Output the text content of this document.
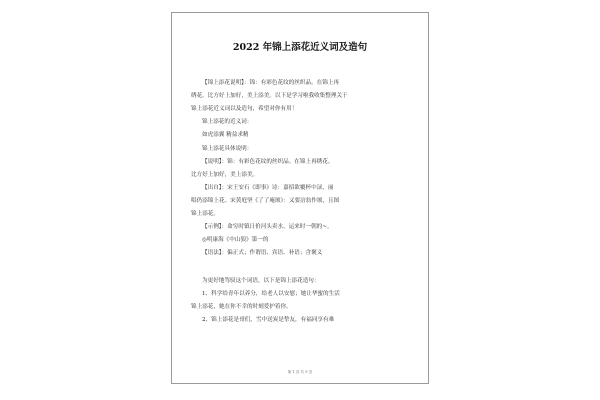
2022 年锦上添花近义词及造句
【锦上添花说明】：锦：有彩色花纹的丝织品。在锦上再
绣花。比方好上加好，美上添美。以下是学习啦我收集整理关于
锦上添花近义词以及造句，希望对你有用！
锦上添花的近义词：
如虎添翼 精益求精
锦上添花具体说明：
【说明】：锦：有彩色花纹的丝织品。在锦上再绣花。
比方好上加好，美上添美。
【出自】：宋王安石《即事》诗：嘉招欲覆杯中渌，丽
唱仍添锦上花。宋黄庭坚《了了庵颂》：又要涪翁作颂，且图
锦上添花。
【示例】：命穷时镇日价河头卖水，运来时一朝的~。
◎明康海《中山狼》第一的
【语法】：偏正式；作谓语、宾语、补语；含褒义
为更好地驾驭这个词语，以下是锦上添花造句：
1、科学给青年以养分，给老人以安慰；她让华蜜的生活
锦上添花，她在你不幸的时刻爱护着你。
2、锦上添花是哥们，雪中送炭是挚友，有福同享有难
第 1 页 共 9 页
